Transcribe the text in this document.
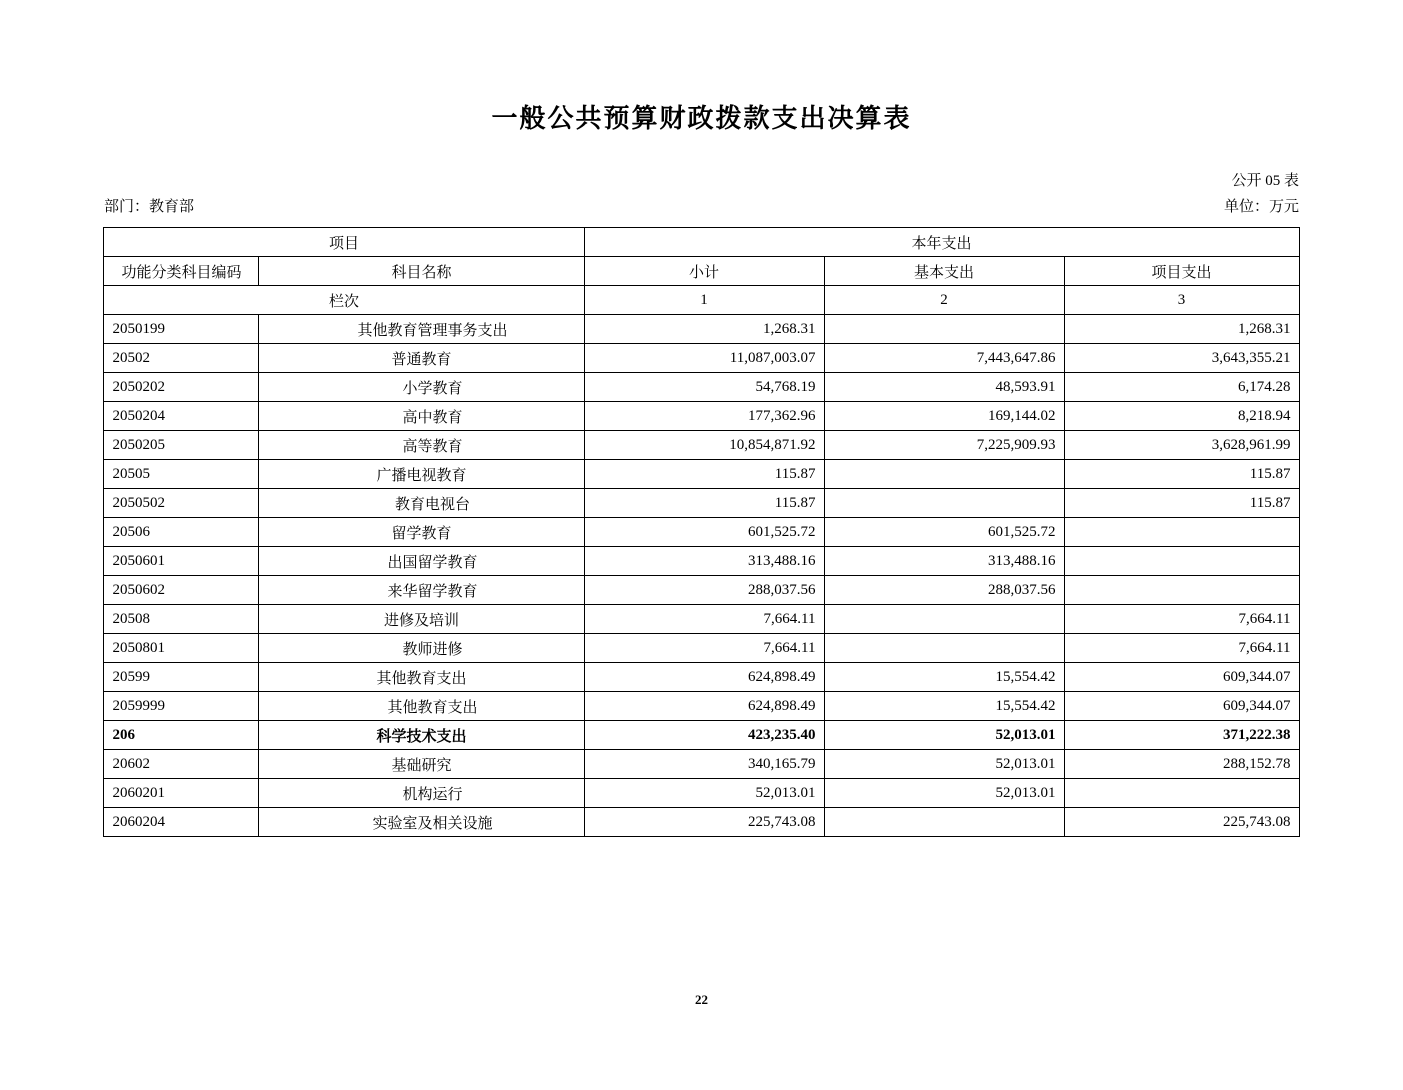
一般公共预算财政拨款支出决算表
公开 05 表
部门：教育部	单位：万元
项目		本年支出		
功能分类科目编码	科目名称	小计	基本支出	项目支出
栏次		1	2	3
2050199	其他教育管理事务支出	1,268.31		1,268.31
20502	普通教育	11,087,003.07	7,443,647.86	3,643,355.21
2050202	小学教育	54,768.19	48,593.91	6,174.28
2050204	高中教育	177,362.96	169,144.02	8,218.94
2050205	高等教育	10,854,871.92	7,225,909.93	3,628,961.99
20505	广播电视教育	115.87		115.87
2050502	教育电视台	115.87		115.87
20506	留学教育	601,525.72	601,525.72	
2050601	出国留学教育	313,488.16	313,488.16	
2050602	来华留学教育	288,037.56	288,037.56	
20508	进修及培训	7,664.11		7,664.11
2050801	教师进修	7,664.11		7,664.11
20599	其他教育支出	624,898.49	15,554.42	609,344.07
2059999	其他教育支出	624,898.49	15,554.42	609,344.07
206	科学技术支出	423,235.40	52,013.01	371,222.38
20602	基础研究	340,165.79	52,013.01	288,152.78
2060201	机构运行	52,013.01	52,013.01	
2060204	实验室及相关设施	225,743.08		225,743.08
22
